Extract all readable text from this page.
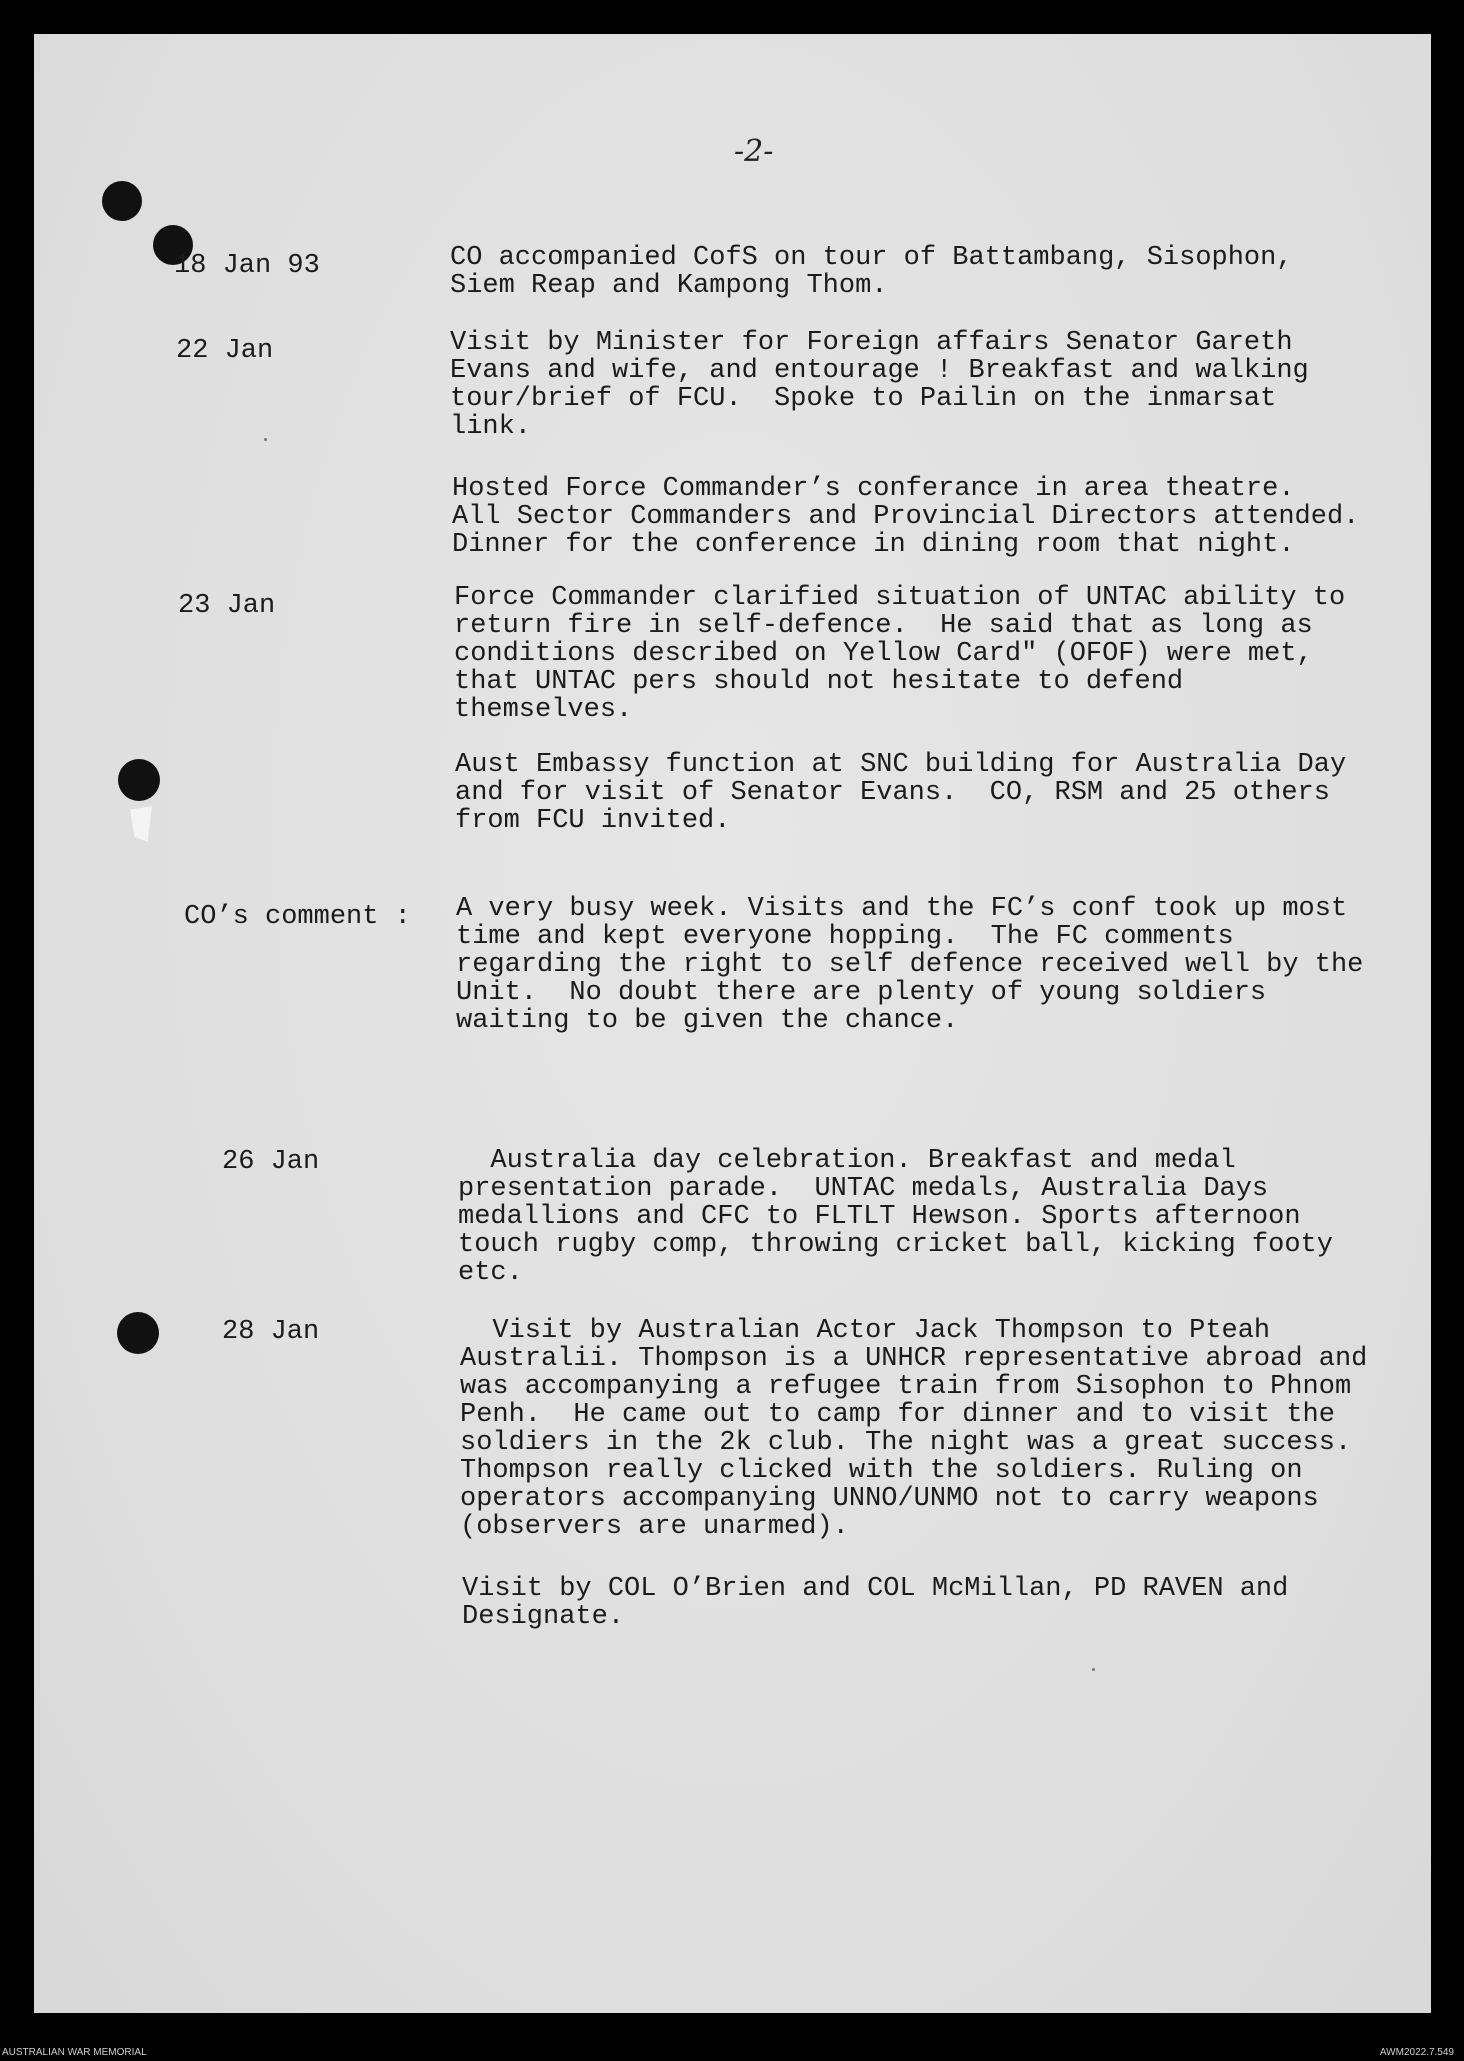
-2-
18 Jan 93	CO accompanied CofS on tour of Battambang, Sisophon,
Siem Reap and Kampong Thom.
22 Jan	Visit by Minister for Foreign affairs Senator Gareth
Evans and wife, and entourage ! Breakfast and walking
tour/brief of FCU.  Spoke to Pailin on the inmarsat
link.
Hosted Force Commander’s conferance in area theatre.
All Sector Commanders and Provincial Directors attended.
Dinner for the conference in dining room that night.
23 Jan	Force Commander clarified situation of UNTAC ability to
return fire in self-defence.  He said that as long as
conditions described on Yellow Card" (OFOF) were met,
that UNTAC pers should not hesitate to defend
themselves.
Aust Embassy function at SNC building for Australia Day
and for visit of Senator Evans.  CO, RSM and 25 others
from FCU invited.
CO’s comment : A very busy week. Visits and the FC’s conf took up most
time and kept everyone hopping.  The FC comments
regarding the right to self defence received well by the
Unit.  No doubt there are plenty of young soldiers
waiting to be given the chance.
26 Jan	Australia day celebration. Breakfast and medal
presentation parade.  UNTAC medals, Australia Days
medallions and CFC to FLTLT Hewson. Sports afternoon
touch rugby comp, throwing cricket ball, kicking footy
etc.
28 Jan	Visit by Australian Actor Jack Thompson to Pteah
Australii. Thompson is a UNHCR representative abroad and
was accompanying a refugee train from Sisophon to Phnom
Penh.  He came out to camp for dinner and to visit the
soldiers in the 2k club. The night was a great success.
Thompson really clicked with the soldiers. Ruling on
operators accompanying UNNO/UNMO not to carry weapons
(observers are unarmed).
Visit by COL O’Brien and COL McMillan, PD RAVEN and
Designate.
AUSTRALIAN WAR MEMORIAL	AWM2022.7.549
